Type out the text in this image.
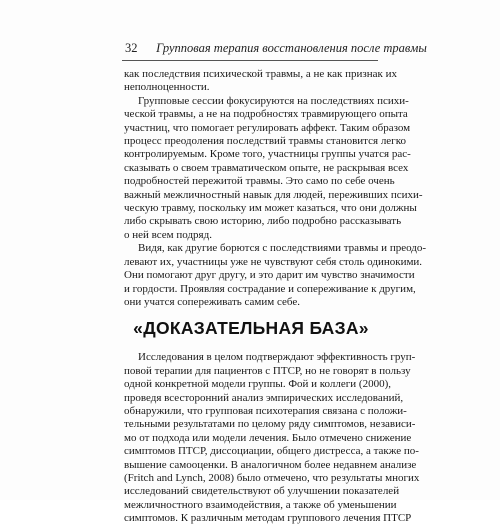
32 Групповая терапия восстановления после травмы

как последствия психической травмы, а не как признак их
неполноценности.

Групповые сессии фокусируются на последствиях психи-
ческой травмы, а не на подробностях травмирующего опыта
участниц, что помогает регулировать аффект. Таким образом
процесс преодоления последствий травмы становится легко
контролируемым. Кроме того, участницы группы учатся рас-
сказывать о своем травматическом опыте, не раскрывая всех
подробностей пережитой травмы. Это само по себе очень
важный межличностный навык для людей, переживших психи-
ческую травму, поскольку им может казаться, что они должны
либо скрывать свою историю, либо подробно рассказывать
о ней всем подряд.

Видя, как другие борются с последствиями травмы и преодо-
левают их, участницы уже не чувствуют себя столь одинокими.
Они помогают друг другу, и это дарит им чувство значимости
и гордости. Проявляя сострадание и сопереживание к другим,
они учатся сопереживать самим себе.

«ДОКАЗАТЕЛЬНАЯ БАЗА»

Исследования в целом подтверждают эффективность груп-
повой терапии для пациентов с ПТСР, но не говорят в пользу
одной конкретной модели группы. Фой и коллеги (2000),
проведя всесторонний анализ эмпирических исследований,
обнаружили, что групповая психотерапия связана с положи-
тельными результатами по целому ряду симптомов, независи-
мо от подхода или модели лечения. Было отмечено снижение
симптомов ПТСР, диссоциации, общего дистресса, а также по-
вышение самооценки. В аналогичном более недавнем анализе
(Fritch and Lynch, 2008) было отмечено, что результаты многих
исследований свидетельствуют об улучшении показателей
межличностного взаимодействия, а также об уменьшении
симптомов. К различным методам группового лечения ПТСР
